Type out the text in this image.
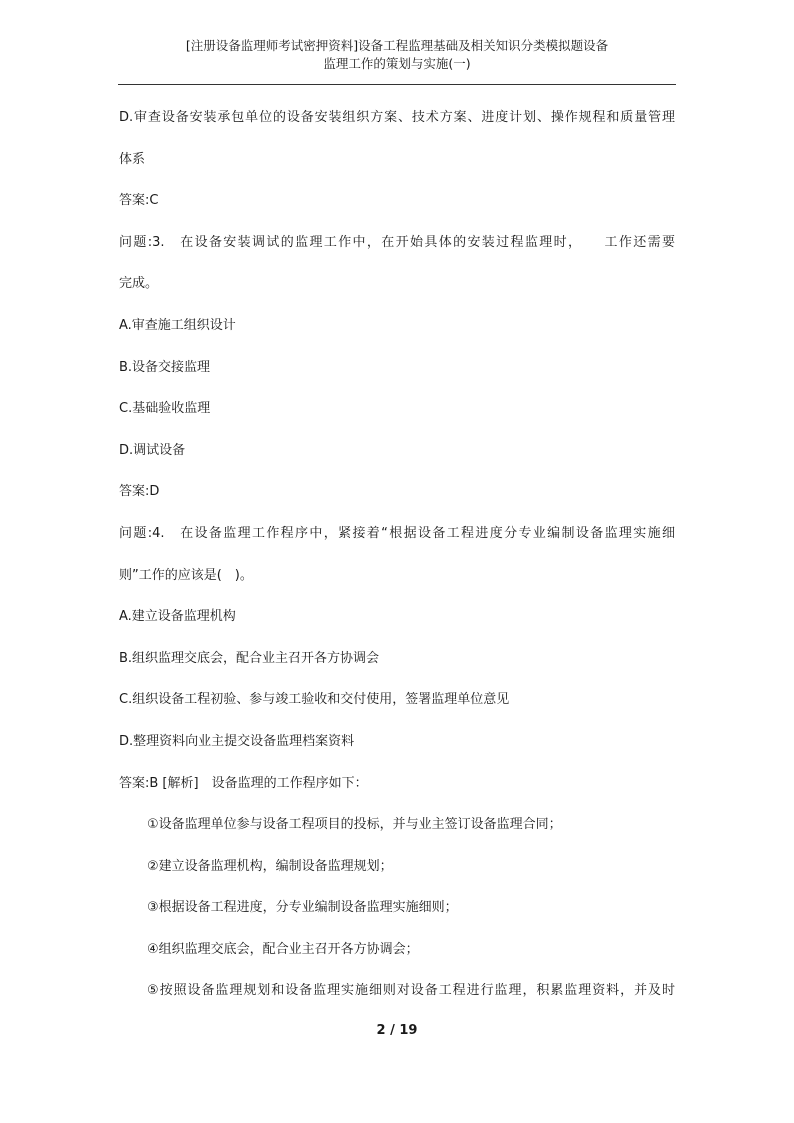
[注册设备监理师考试密押资料]设备工程监理基础及相关知识分类模拟题设备
监理工作的策划与实施(一)
D.审查设备安装承包单位的设备安装组织方案、技术方案、进度计划、操作规程和质量管理
体系
答案:C
问题:3.　在设备安装调试的监理工作中，在开始具体的安装过程监理时，　　工作还需要
完成。
A.审查施工组织设计
B.设备交接监理
C.基础验收监理
D.调试设备
答案:D
问题:4.　在设备监理工作程序中，紧接着“根据设备工程进度分专业编制设备监理实施细
则”工作的应该是(　)。
A.建立设备监理机构
B.组织监理交底会，配合业主召开各方协调会
C.组织设备工程初验、参与竣工验收和交付使用，签署监理单位意见
D.整理资料向业主提交设备监理档案资料
答案:B [解析]　设备监理的工作程序如下：
①设备监理单位参与设备工程项目的投标，并与业主签订设备监理合同；
②建立设备监理机构，编制设备监理规划；
③根据设备工程进度，分专业编制设备监理实施细则；
④组织监理交底会，配合业主召开各方协调会；
⑤按照设备监理规划和设备监理实施细则对设备工程进行监理，积累监理资料，并及时
2 / 19
